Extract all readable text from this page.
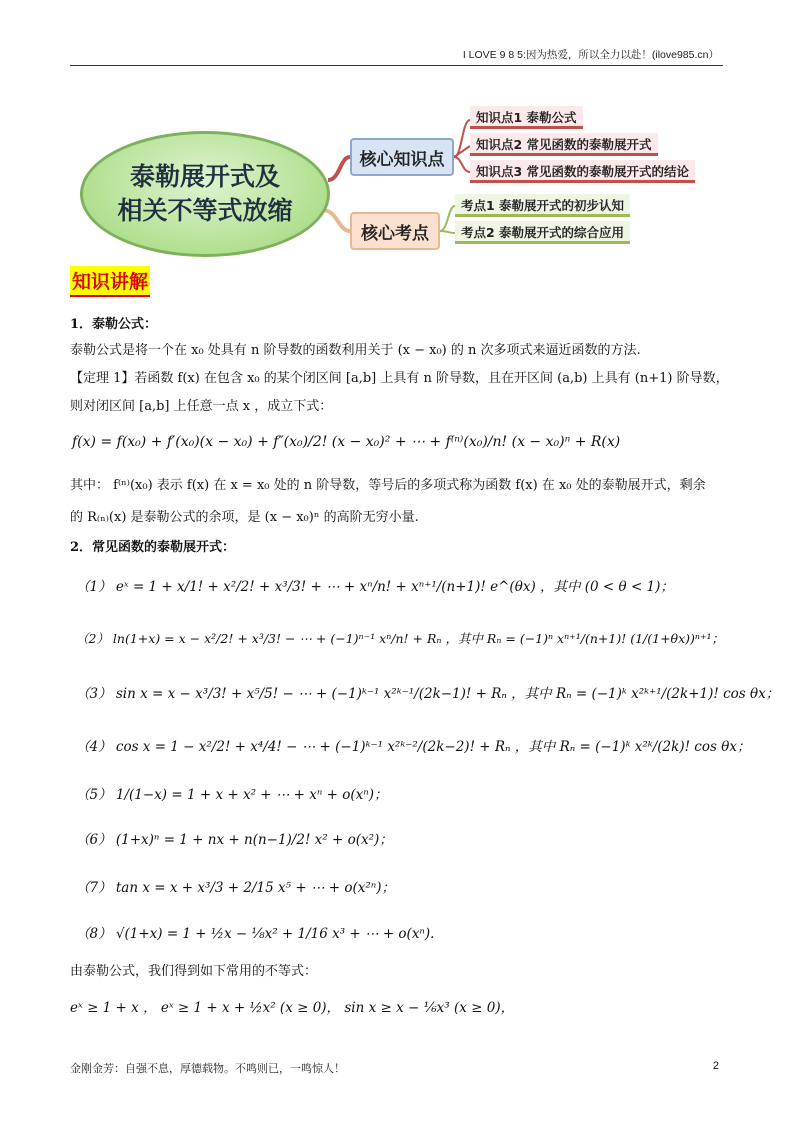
I LOVE 9 8 5:因为热爱，所以全力以赴！(ilove985.cn）
泰勒展开式及
相关不等式放缩
核心知识点
核心考点
知识点1 泰勒公式
知识点2 常见函数的泰勒展开式
知识点3 常见函数的泰勒展开式的结论
考点1 泰勒展开式的初步认知
考点2 泰勒展开式的综合应用
知识讲解
1．泰勒公式：
泰勒公式是将一个在 x₀ 处具有 n 阶导数的函数利用关于 (x − x₀) 的 n 次多项式来逼近函数的方法.
【定理 1】若函数 f(x) 在包含 x₀ 的某个闭区间 [a,b] 上具有 n 阶导数，且在开区间 (a,b) 上具有 (n+1) 阶导数，
则对闭区间 [a,b] 上任意一点 x ，成立下式：
f(x) = f(x₀) + f′(x₀)(x − x₀) + f″(x₀)/2! (x − x₀)² + ⋯ + f⁽ⁿ⁾(x₀)/n! (x − x₀)ⁿ + R(x)
其中： f⁽ⁿ⁾(x₀) 表示 f(x) 在 x = x₀ 处的 n 阶导数，等号后的多项式称为函数 f(x) 在 x₀ 处的泰勒展开式，剩余
的 R₍ₙ₎(x) 是泰勒公式的余项，是 (x − x₀)ⁿ 的高阶无穷小量.
2．常见函数的泰勒展开式：
（1） eˣ = 1 + x/1! + x²/2! + x³/3! + ⋯ + xⁿ/n! + xⁿ⁺¹/(n+1)! e^(θx) ，其中 (0 < θ < 1)；
（2） ln(1+x) = x − x²/2! + x³/3! − ⋯ + (−1)ⁿ⁻¹ xⁿ/n! + Rₙ ，其中 Rₙ = (−1)ⁿ xⁿ⁺¹/(n+1)! (1/(1+θx))ⁿ⁺¹；
（3） sin x = x − x³/3! + x⁵/5! − ⋯ + (−1)ᵏ⁻¹ x²ᵏ⁻¹/(2k−1)! + Rₙ ，其中 Rₙ = (−1)ᵏ x²ᵏ⁺¹/(2k+1)! cos θx；
（4） cos x = 1 − x²/2! + x⁴/4! − ⋯ + (−1)ᵏ⁻¹ x²ᵏ⁻²/(2k−2)! + Rₙ ，其中 Rₙ = (−1)ᵏ x²ᵏ/(2k)! cos θx；
（5） 1/(1−x) = 1 + x + x² + ⋯ + xⁿ + o(xⁿ)；
（6） (1+x)ⁿ = 1 + nx + n(n−1)/2! x² + o(x²)；
（7） tan x = x + x³/3 + 2/15 x⁵ + ⋯ + o(x²ⁿ)；
（8） √(1+x) = 1 + ½x − ⅛x² + 1/16 x³ + ⋯ + o(xⁿ).
由泰勒公式，我们得到如下常用的不等式：
eˣ ≥ 1 + x ， eˣ ≥ 1 + x + ½x² (x ≥ 0)， sin x ≥ x − ⅙x³ (x ≥ 0)，
金刚金芳：自强不息，厚德载物。不鸣则已，一鸣惊人！	2
